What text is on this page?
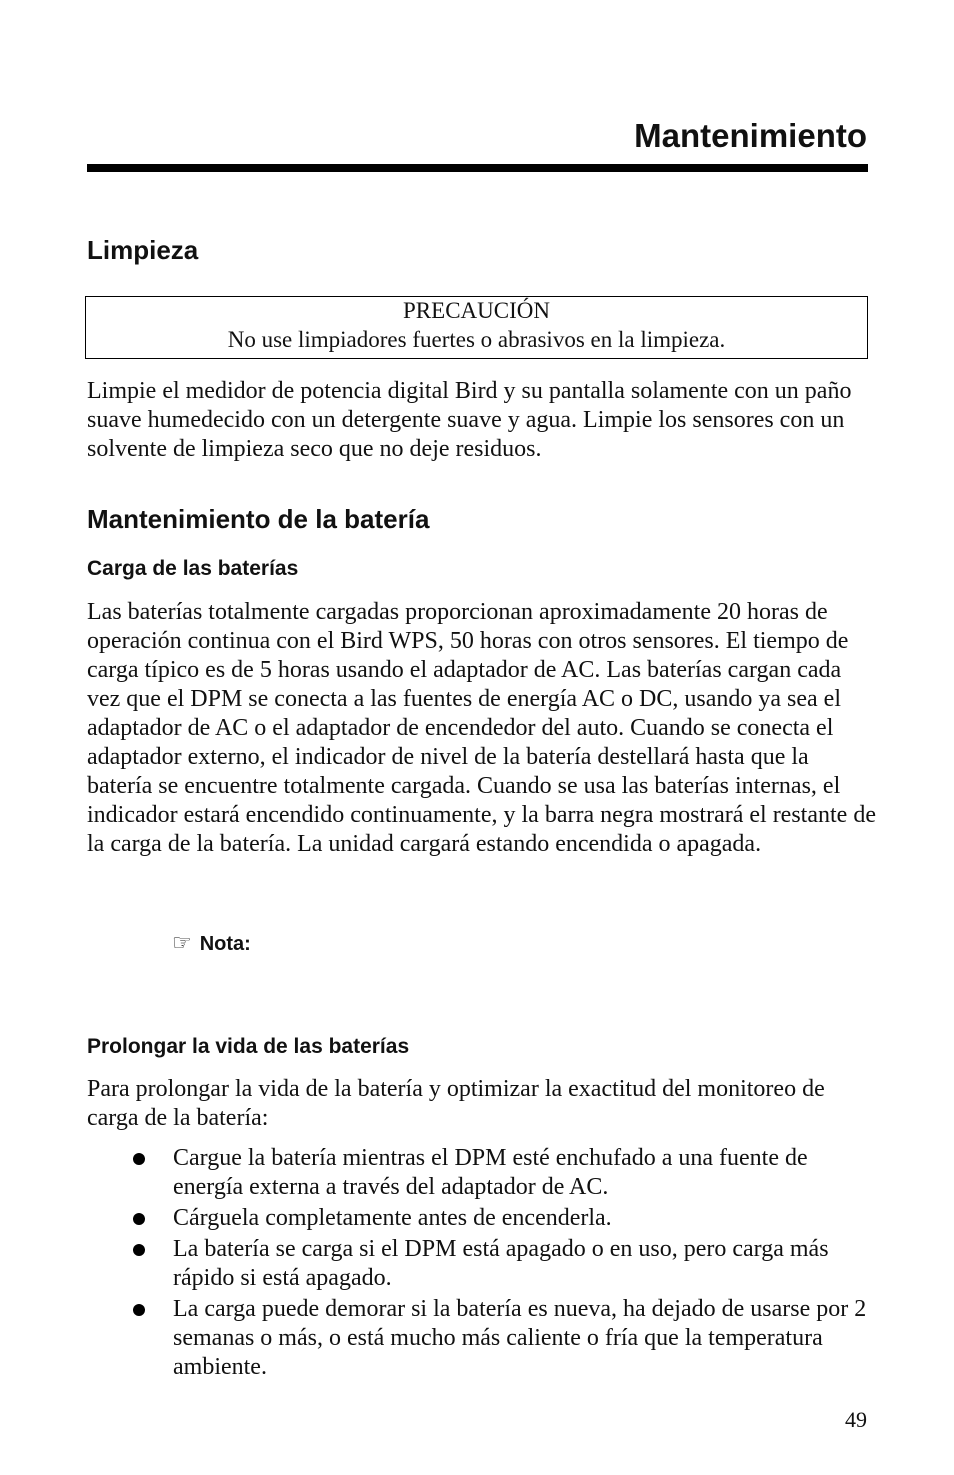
Mantenimiento
Limpieza
PRECAUCIÓN
No use limpiadores fuertes o abrasivos en la limpieza.

Limpie el medidor de potencia digital Bird y su pantalla solamente con un paño suave humedecido con un detergente suave y agua. Limpie los sensores con un solvente de limpieza seco que no deje residuos.

Mantenimiento de la batería
Carga de las baterías

Las baterías totalmente cargadas proporcionan aproximadamente 20 horas de operación continua con el Bird WPS, 50 horas con otros sensores. El tiempo de carga típico es de 5 horas usando el adaptador de AC. Las baterías cargan cada vez que el DPM se conecta a las fuentes de energía AC o DC, usando ya sea el adaptador de AC o el adaptador de encendedor del auto. Cuando se conecta el adaptador externo, el indicador de nivel de la batería destellará hasta que la batería se encuentre totalmente cargada. Cuando se usa las baterías internas, el indicador estará encendido continuamente, y la barra negra mostrará el restante de la carga de la batería. La unidad cargará estando encendida o apagada.

☞ Nota:
Prolongar la vida de las baterías

Para prolongar la vida de la batería y optimizar la exactitud del monitoreo de carga de la batería:

Cargue la batería mientras el DPM esté enchufado a una fuente de energía externa a través del adaptador de AC.
Cárguela completamente antes de encenderla.
La batería se carga si el DPM está apagado o en uso, pero carga más rápido si está apagado.
La carga puede demorar si la batería es nueva, ha dejado de usarse por 2 semanas o más, o está mucho más caliente o fría que la temperatura ambiente.
49
